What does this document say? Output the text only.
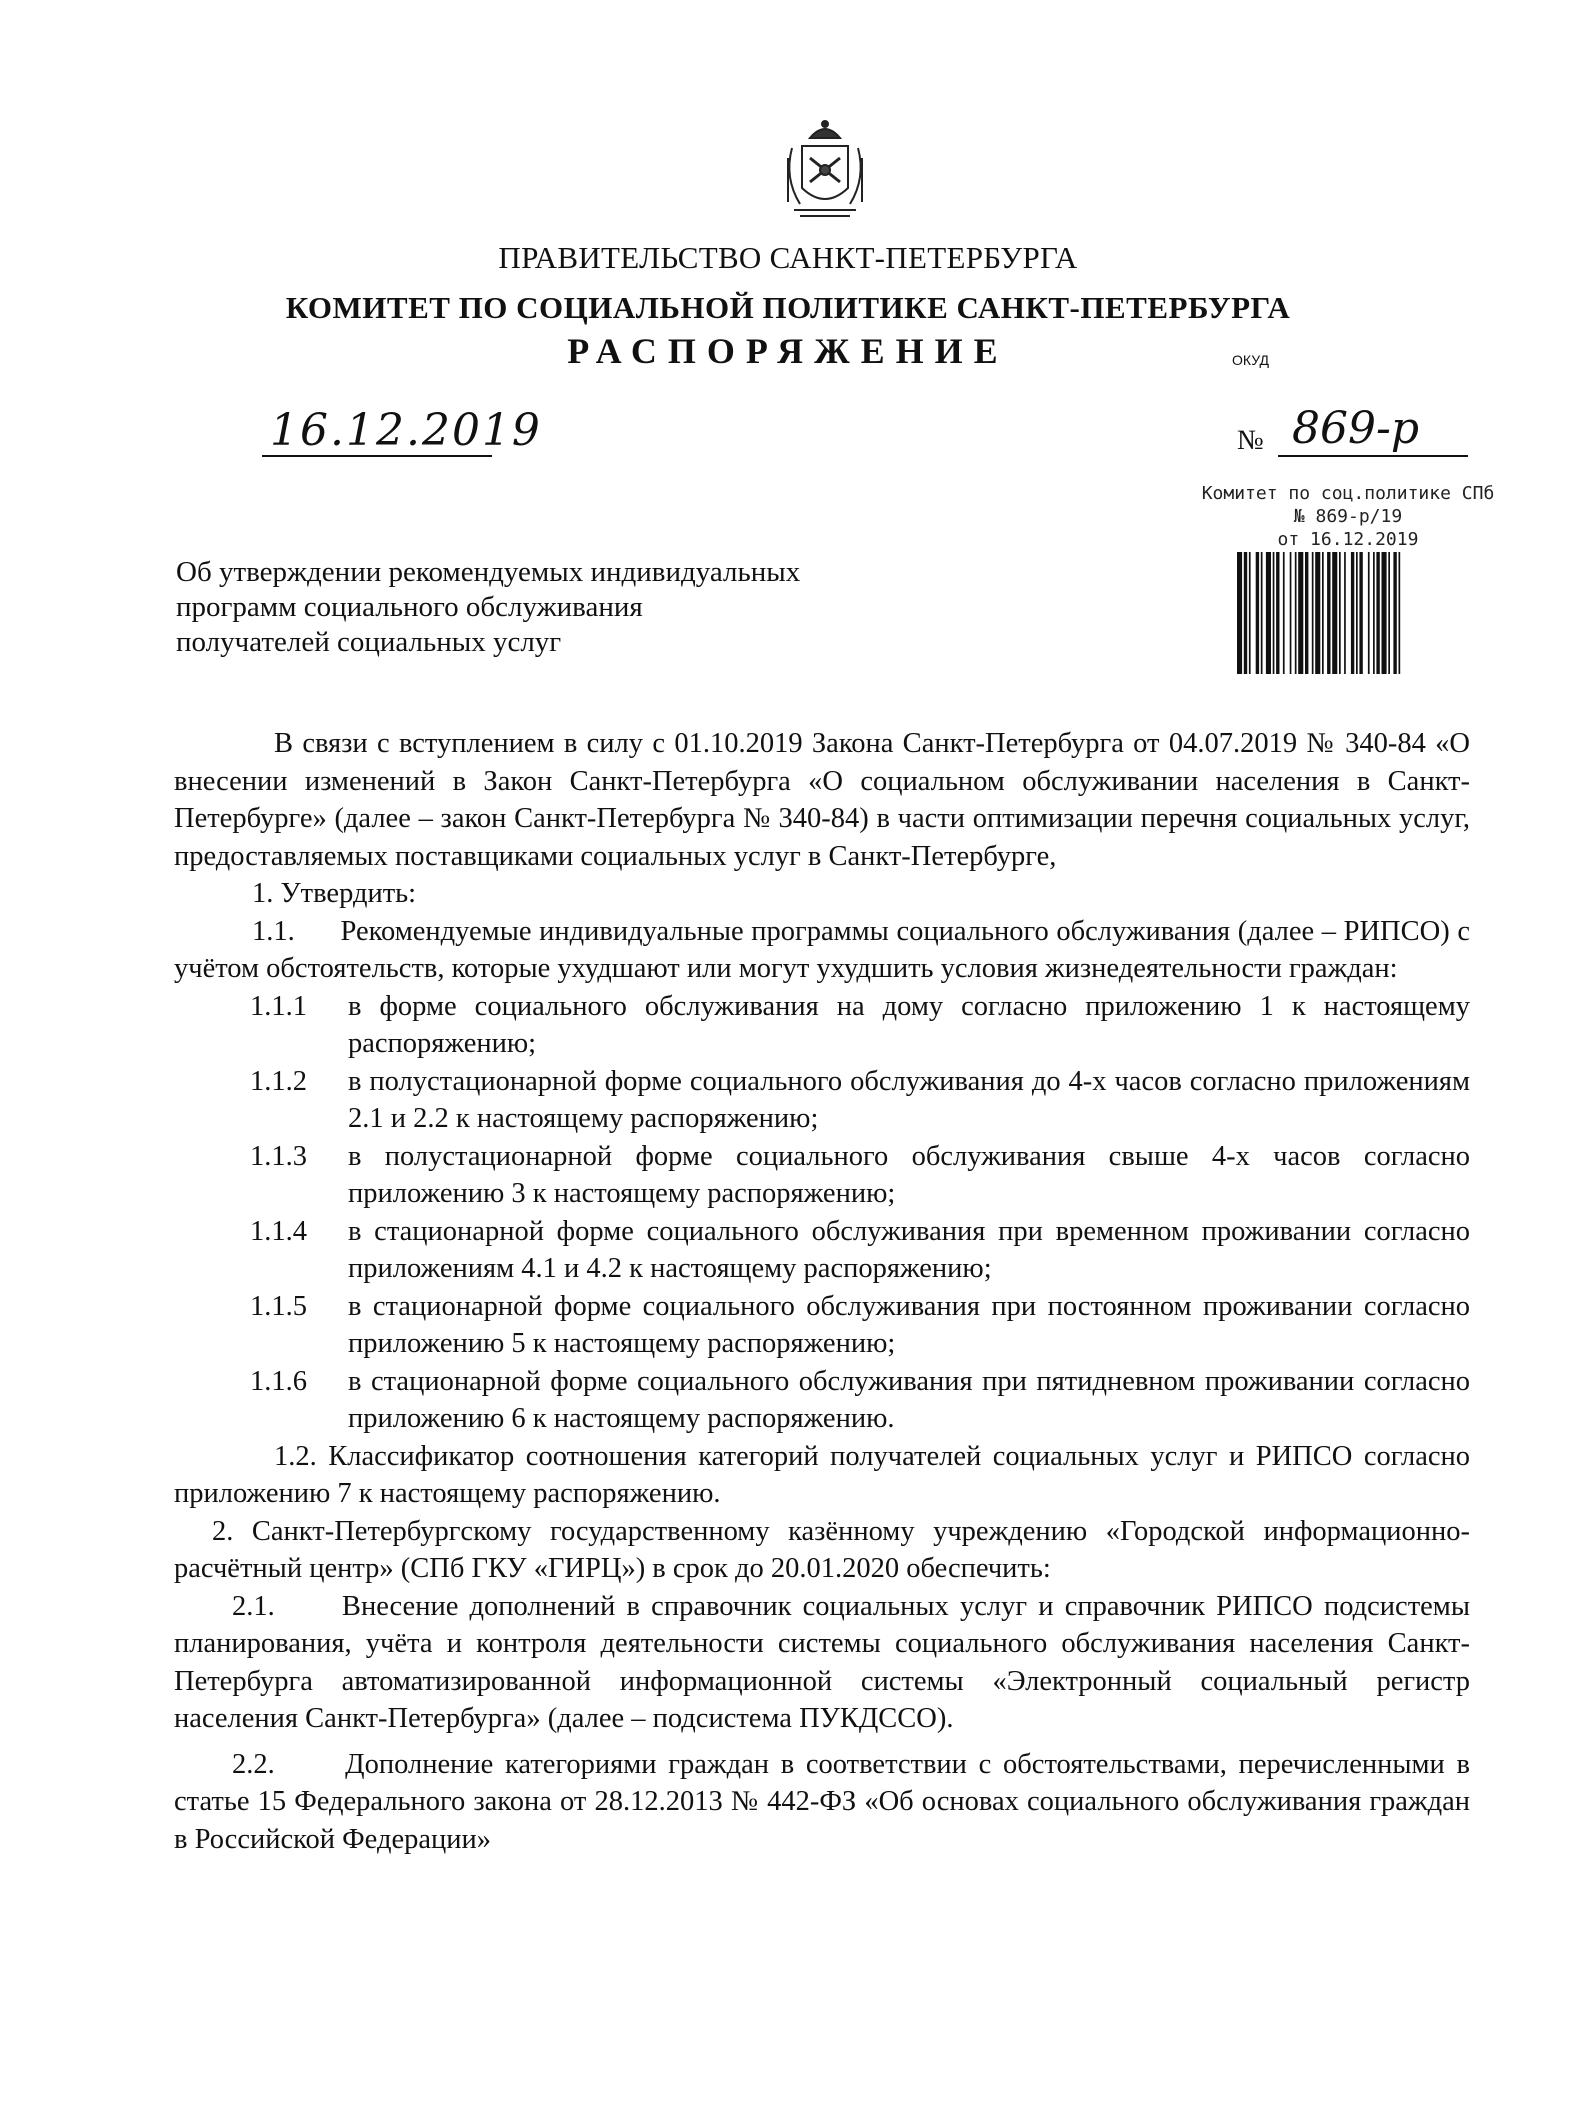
ПРАВИТЕЛЬСТВО САНКТ-ПЕТЕРБУРГА
КОМИТЕТ ПО СОЦИАЛЬНОЙ ПОЛИТИКЕ САНКТ-ПЕТЕРБУРГА
РАСПОРЯЖЕНИЕ	ОКУД
16.12.2019	№ 869-р
Комитет по соц.политике СПб
№ 869-р/19
от 16.12.2019
Об утверждении рекомендуемых индивидуальных
программ социального обслуживания
получателей социальных услуг

В связи с вступлением в силу с 01.10.2019 Закона Санкт-Петербурга от 04.07.2019 № 340-84 «О внесении изменений в Закон Санкт-Петербурга «О социальном обслуживании населения в Санкт-Петербурге» (далее – закон Санкт-Петербурга № 340-84) в части оптимизации перечня социальных услуг, предоставляемых поставщиками социальных услуг в Санкт-Петербурге,

1. Утвердить:

1.1.      Рекомендуемые индивидуальные программы социального обслуживания (далее – РИПСО) с учётом обстоятельств, которые ухудшают или могут ухудшить условия жизнедеятельности граждан:

1.1.1	в форме социального обслуживания на дому согласно приложению 1 к настоящему распоряжению;
1.1.2	в полустационарной форме социального обслуживания до 4-х часов согласно приложениям 2.1 и 2.2 к настоящему распоряжению;
1.1.3	в полустационарной форме социального обслуживания свыше 4-х часов согласно приложению 3 к настоящему распоряжению;
1.1.4	в стационарной форме социального обслуживания при временном проживании согласно приложениям 4.1 и 4.2 к настоящему распоряжению;
1.1.5	в стационарной форме социального обслуживания при постоянном проживании согласно приложению 5 к настоящему распоряжению;
1.1.6	в стационарной форме социального обслуживания при пятидневном проживании согласно приложению 6 к настоящему распоряжению.

1.2. Классификатор соотношения категорий получателей социальных услуг и РИПСО согласно приложению 7 к настоящему распоряжению.

2. Санкт-Петербургскому государственному казённому учреждению «Городской информационно-расчётный центр» (СПб ГКУ «ГИРЦ») в срок до 20.01.2020 обеспечить:

2.1.      Внесение дополнений в справочник социальных услуг и справочник РИПСО подсистемы планирования, учёта и контроля деятельности системы социального обслуживания населения Санкт-Петербурга автоматизированной информационной системы «Электронный социальный регистр населения Санкт-Петербурга» (далее – подсистема ПУКДССО).

2.2.      Дополнение категориями граждан в соответствии с обстоятельствами, перечисленными в статье 15 Федерального закона от 28.12.2013 № 442-ФЗ «Об основах социального обслуживания граждан в Российской Федерации»
